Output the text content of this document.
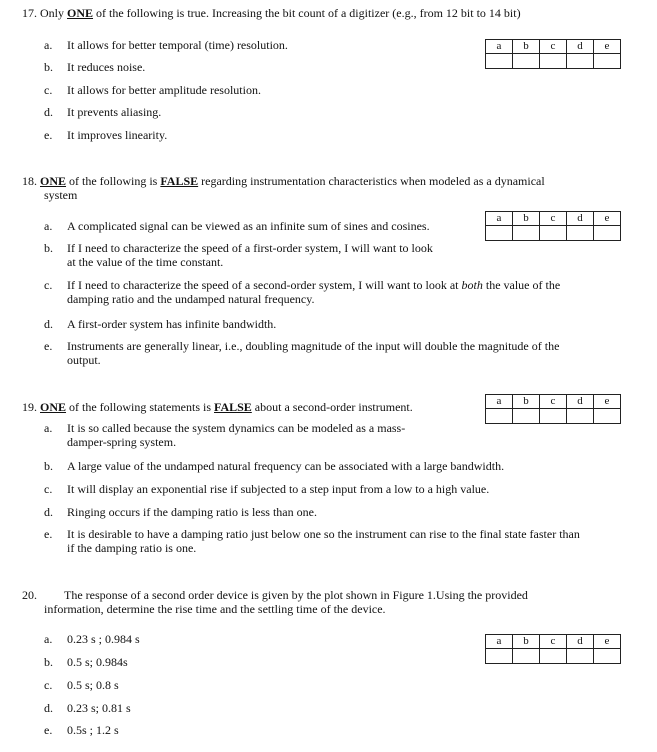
17. Only ONE of the following is true. Increasing the bit count of a digitizer (e.g., from 12 bit to 14 bit)
a	b	c	d	e

a.	It allows for better temporal (time) resolution.
b.	It reduces noise.
c.	It allows for better amplitude resolution.
d.	It prevents aliasing.
e.	It improves linearity.
18. ONE of the following is FALSE regarding instrumentation characteristics when modeled as a dynamical
system
a	b	c	d	e

a.	A complicated signal can be viewed as an infinite sum of sines and cosines.
b.	If I need to characterize the speed of a first-order system, I will want to look
at the value of the time constant.
c.	If I need to characterize the speed of a second-order system, I will want to look at both the value of the
damping ratio and the undamped natural frequency.
d.	A first-order system has infinite bandwidth.
e.	Instruments are generally linear, i.e., doubling magnitude of the input will double the magnitude of the
output.
19. ONE of the following statements is FALSE about a second-order instrument.	a	b	c	d	e

a.	It is so called because the system dynamics can be modeled as a mass-
damper-spring system.
b.	A large value of the undamped natural frequency can be associated with a large bandwidth.
c.	It will display an exponential rise if subjected to a step input from a low to a high value.
d.	Ringing occurs if the damping ratio is less than one.
e.	It is desirable to have a damping ratio just below one so the instrument can rise to the final state faster than
if the damping ratio is one.
20. The response of a second order device is given by the plot shown in Figure 1.Using the provided
information, determine the rise time and the settling time of the device.
a	b	c	d	e

a.	0.23 s ; 0.984 s
b.	0.5 s; 0.984s
c.	0.5 s; 0.8 s
d.	0.23 s; 0.81 s
e.	0.5s ; 1.2 s
